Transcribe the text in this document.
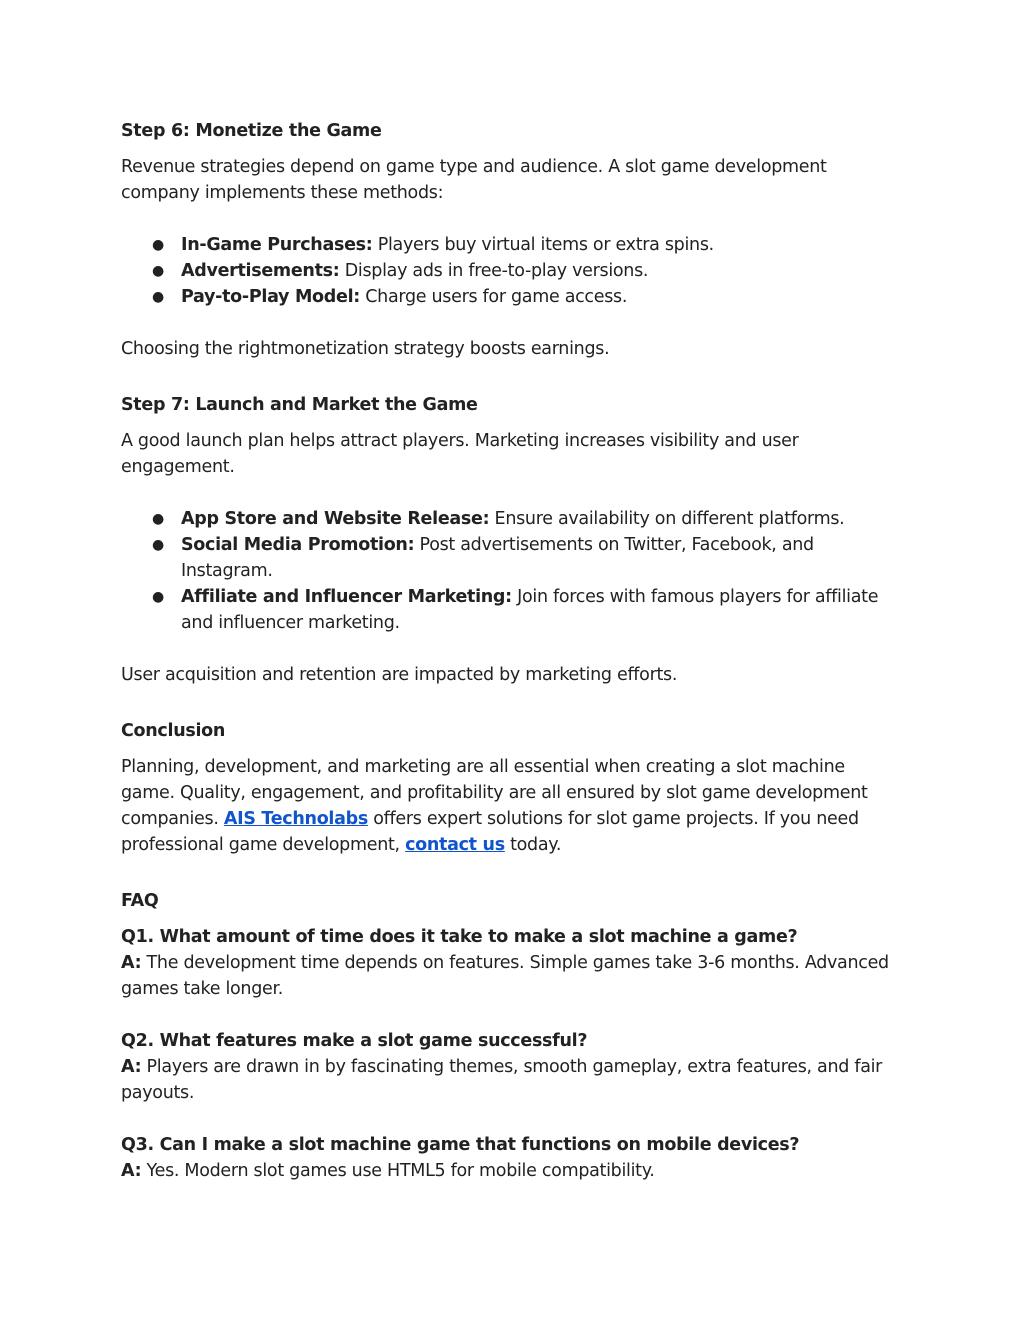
Step 6: Monetize the Game

Revenue strategies depend on game type and audience. A slot game development company implements these methods:

● In-Game Purchases: Players buy virtual items or extra spins.
● Advertisements: Display ads in free-to-play versions.
● Pay-to-Play Model: Charge users for game access.

Choosing the rightmonetization strategy boosts earnings.

Step 7: Launch and Market the Game

A good launch plan helps attract players. Marketing increases visibility and user engagement.

● App Store and Website Release: Ensure availability on different platforms.
● Social Media Promotion: Post advertisements on Twitter, Facebook, and Instagram.
● Affiliate and Influencer Marketing: Join forces with famous players for affiliate and influencer marketing.

User acquisition and retention are impacted by marketing efforts.

Conclusion

Planning, development, and marketing are all essential when creating a slot machine game. Quality, engagement, and profitability are all ensured by slot game development companies. AIS Technolabs offers expert solutions for slot game projects. If you need professional game development, contact us today.

FAQ
Q1. What amount of time does it take to make a slot machine a game?

A: The development time depends on features. Simple games take 3-6 months. Advanced games take longer.

Q2. What features make a slot game successful?

A: Players are drawn in by fascinating themes, smooth gameplay, extra features, and fair payouts.

Q3. Can I make a slot machine game that functions on mobile devices?

A: Yes. Modern slot games use HTML5 for mobile compatibility.
